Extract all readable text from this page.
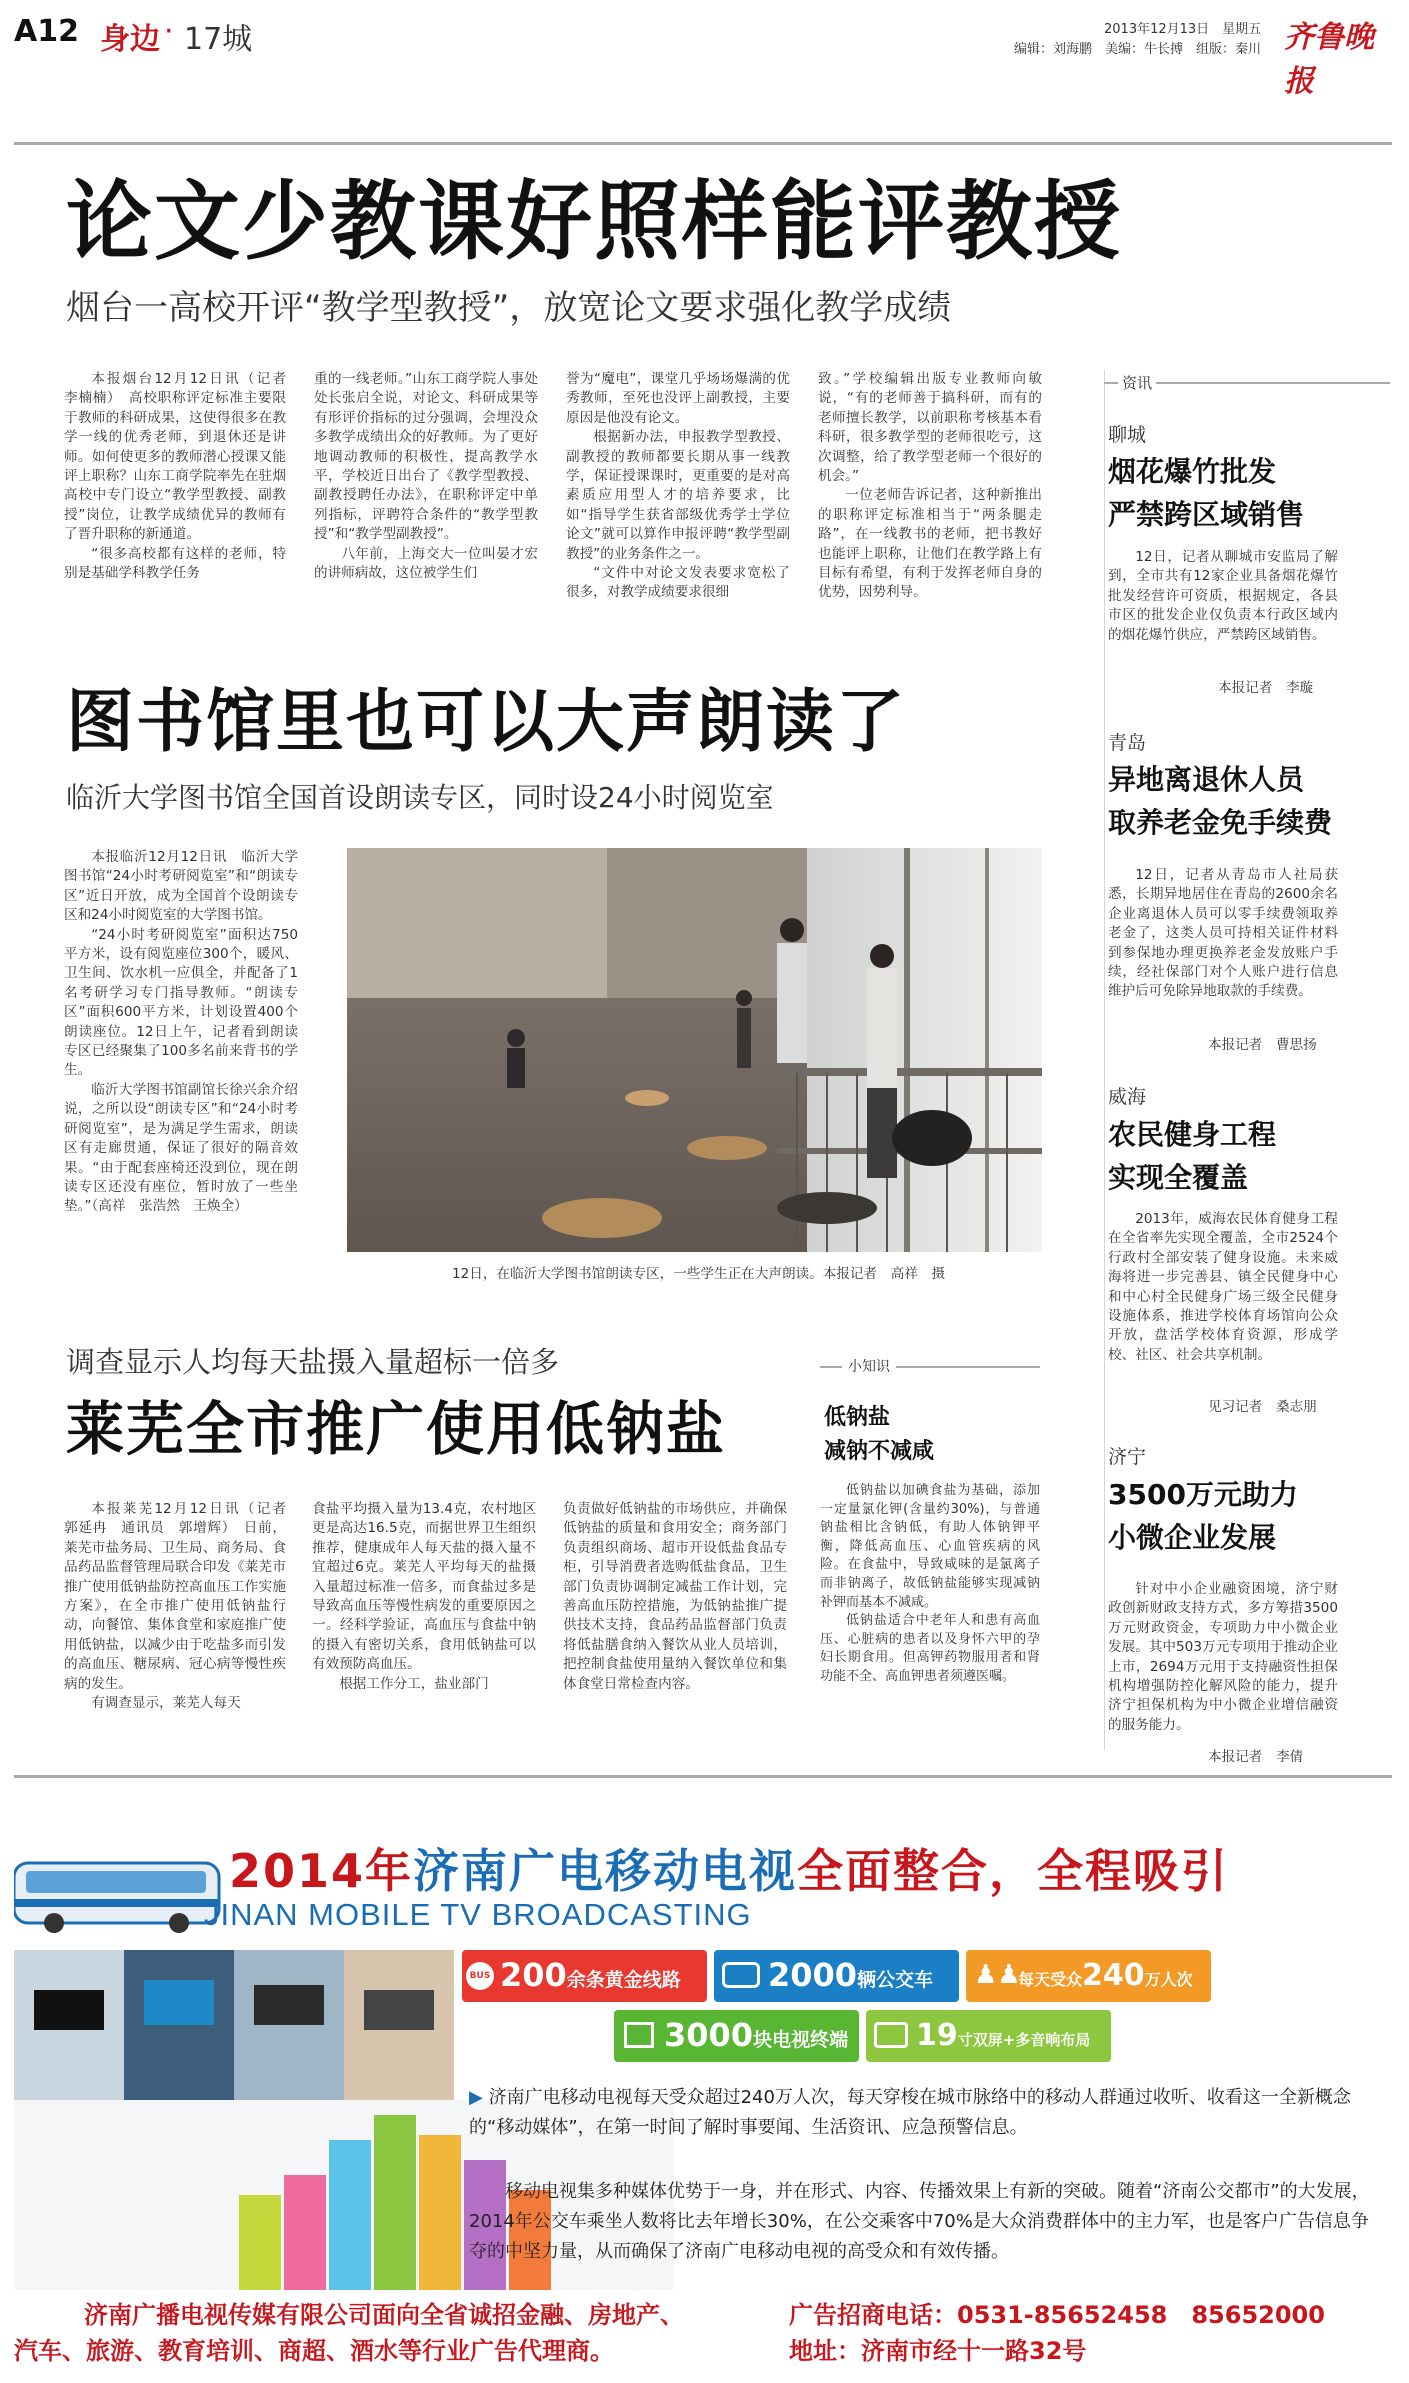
A12 身边 · 17城	2013年12月13日　星期五
编辑：刘海鹏　美编：牛长搏　组版：秦川 齐鲁晚报
论文少教课好照样能评教授
烟台一高校开评“教学型教授”，放宽论文要求强化教学成绩

本报烟台12月12日讯（记者　李楠楠）　高校职称评定标准主要限于教师的科研成果，这使得很多在教学一线的优秀老师，到退休还是讲师。如何使更多的教师潜心授课又能评上职称？山东工商学院率先在驻烟高校中专门设立“教学型教授、副教授”岗位，让教学成绩优异的教师有了晋升职称的新通道。

“很多高校都有这样的老师，特别是基础学科教学任务

重的一线老师。”山东工商学院人事处处长张启全说，对论文、科研成果等有形评价指标的过分强调，会埋没众多教学成绩出众的好教师。为了更好地调动教师的积极性，提高教学水平，学校近日出台了《教学型教授、副教授聘任办法》，在职称评定中单列指标，评聘符合条件的“教学型教授”和“教学型副教授”。

八年前，上海交大一位叫晏才宏的讲师病故，这位被学生们

誉为“魔电”，课堂几乎场场爆满的优秀教师，至死也没评上副教授，主要原因是他没有论文。

根据新办法，申报教学型教授、副教授的教师都要长期从事一线教学，保证授课课时，更重要的是对高素质应用型人才的培养要求，比如“指导学生获省部级优秀学士学位论文”就可以算作申报评聘“教学型副教授”的业务条件之一。

“文件中对论文发表要求宽松了很多，对教学成绩要求很细

致。”学校编辑出版专业教师向敏说，“有的老师善于搞科研，而有的老师擅长教学，以前职称考核基本看科研，很多教学型的老师很吃亏，这次调整，给了教学型老师一个很好的机会。”

一位老师告诉记者，这种新推出的职称评定标准相当于“两条腿走路”，在一线教书的老师，把书教好也能评上职称，让他们在教学路上有目标有希望，有利于发挥老师自身的优势，因势利导。

图书馆里也可以大声朗读了
临沂大学图书馆全国首设朗读专区，同时设24小时阅览室

本报临沂12月12日讯　临沂大学图书馆“24小时考研阅览室”和“朗读专区”近日开放，成为全国首个设朗读专区和24小时阅览室的大学图书馆。

“24小时考研阅览室”面积达750平方米，设有阅览座位300个，暖风、卫生间、饮水机一应俱全，并配备了1名考研学习专门指导教师。“朗读专区”面积600平方米，计划设置400个朗读座位。12日上午，记者看到朗读专区已经聚集了100多名前来背书的学生。

临沂大学图书馆副馆长徐兴余介绍说，之所以设“朗读专区”和“24小时考研阅览室”，是为满足学生需求，朗读区有走廊贯通，保证了很好的隔音效果。“由于配套座椅还没到位，现在朗读专区还没有座位，暂时放了一些坐垫。”（高祥　张浩然　王焕全）

12日，在临沂大学图书馆朗读专区，一些学生正在大声朗读。本报记者　高祥　摄
调查显示人均每天盐摄入量超标一倍多
莱芜全市推广使用低钠盐

本报莱芜12月12日讯（记者　郭延冉　通讯员　郭增辉）　日前，莱芜市盐务局、卫生局、商务局、食品药品监督管理局联合印发《莱芜市推广使用低钠盐防控高血压工作实施方案》，在全市推广使用低钠盐行动，向餐馆、集体食堂和家庭推广使用低钠盐，以减少由于吃盐多而引发的高血压、糖尿病、冠心病等慢性疾病的发生。

有调查显示，莱芜人每天

食盐平均摄入量为13.4克，农村地区更是高达16.5克，而据世界卫生组织推荐，健康成年人每天盐的摄入量不宜超过6克。莱芜人平均每天的盐摄入量超过标准一倍多，而食盐过多是导致高血压等慢性病发的重要原因之一。经科学验证，高血压与食盐中钠的摄入有密切关系，食用低钠盐可以有效预防高血压。

根据工作分工，盐业部门

负责做好低钠盐的市场供应，并确保低钠盐的质量和食用安全；商务部门负责组织商场、超市开设低盐食品专柜，引导消费者选购低盐食品，卫生部门负责协调制定减盐工作计划，完善高血压防控措施，为低钠盐推广提供技术支持，食品药品监督部门负责将低盐膳食纳入餐饮从业人员培训，把控制食盐使用量纳入餐饮单位和集体食堂日常检查内容。

小知识
低钠盐
减钠不减咸

低钠盐以加碘食盐为基础，添加一定量氯化钾(含量约30%)，与普通钠盐相比含钠低，有助人体钠钾平衡，降低高血压、心血管疾病的风险。在食盐中，导致咸味的是氯离子而非钠离子，故低钠盐能够实现减钠补钾而基本不减咸。

低钠盐适合中老年人和患有高血压、心脏病的患者以及身怀六甲的孕妇长期食用。但高钾药物服用者和肾功能不全、高血钾患者须遵医嘱。

资讯
聊城
烟花爆竹批发
严禁跨区域销售

12日，记者从聊城市安监局了解到，全市共有12家企业具备烟花爆竹批发经营许可资质，根据规定，各县市区的批发企业仅负责本行政区域内的烟花爆竹供应，严禁跨区域销售。

本报记者　李璇
青岛
异地离退休人员
取养老金免手续费

12日，记者从青岛市人社局获悉，长期异地居住在青岛的2600余名企业离退休人员可以零手续费领取养老金了，这类人员可持相关证件材料到参保地办理更换养老金发放账户手续，经社保部门对个人账户进行信息维护后可免除异地取款的手续费。

本报记者　曹思扬
威海
农民健身工程
实现全覆盖

2013年，威海农民体育健身工程在全省率先实现全覆盖，全市2524个行政村全部安装了健身设施。未来威海将进一步完善县、镇全民健身中心和中心村全民健身广场三级全民健身设施体系，推进学校体育场馆向公众开放，盘活学校体育资源，形成学校、社区、社会共享机制。

见习记者　桑志朋
济宁
3500万元助力
小微企业发展

针对中小企业融资困境，济宁财政创新财政支持方式，多方筹措3500万元财政资金，专项助力中小微企业发展。其中503万元专项用于推动企业上市，2694万元用于支持融资性担保机构增强防控化解风险的能力，提升济宁担保机构为中小微企业增信融资的服务能力。

本报记者　李倩
2014年济南广电移动电视全面整合，全程吸引
JINAN MOBILE TV BROADCASTING
BUS 200余条黄金线路	2000辆公交车 ♟♟
每天受众240万人次
3000块电视终端 19寸双屏+多音响布局
▶ 济南广电移动电视每天受众超过240万人次，每天穿梭在城市脉络中的移动人群通过收听、收看这一全新概念的“移动媒体”，在第一时间了解时事要闻、生活资讯、应急预警信息。
移动电视集多种媒体优势于一身，并在形式、内容、传播效果上有新的突破。随着“济南公交都市”的大发展，2014年公交车乘坐人数将比去年增长30%，在公交乘客中70%是大众消费群体中的主力军，也是客户广告信息争夺的中坚力量，从而确保了济南广电移动电视的高受众和有效传播。
济南广播电视传媒有限公司面向全省诚招金融、房地产、
汽车、旅游、教育培训、商超、酒水等行业广告代理商。
广告招商电话：0531-85652458　85652000
地址：济南市经十一路32号
